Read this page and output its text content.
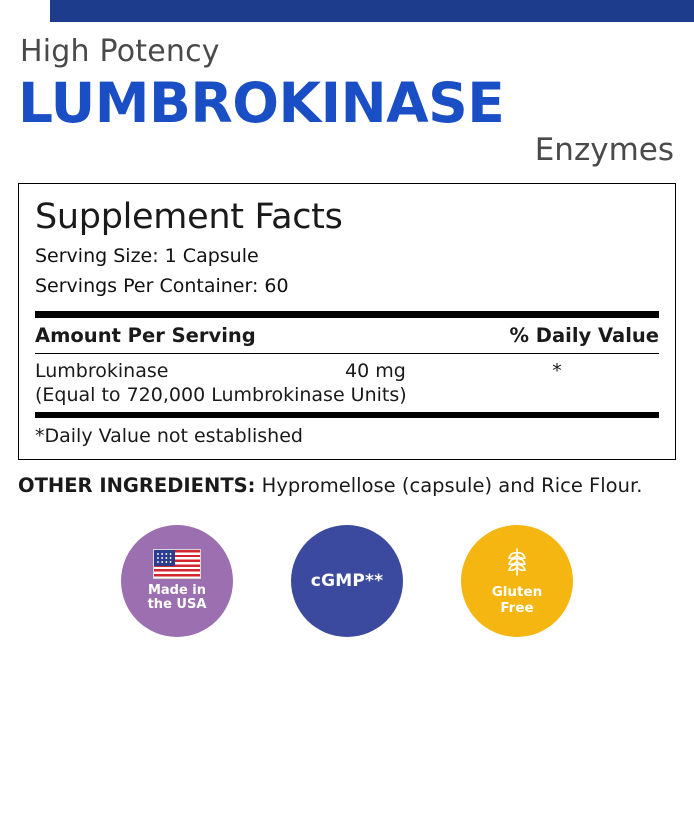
High Potency
LUMBROKINASE
Enzymes
Supplement Facts
Serving Size: 1 Capsule
Servings Per Container: 60
Amount Per Serving	% Daily Value
Lumbrokinase	40 mg	*
(Equal to 720,000 Lumbrokinase Units)
*Daily Value not established
OTHER INGREDIENTS: Hypromellose (capsule) and Rice Flour.
Made in
the USA
cGMP**
Gluten
Free
